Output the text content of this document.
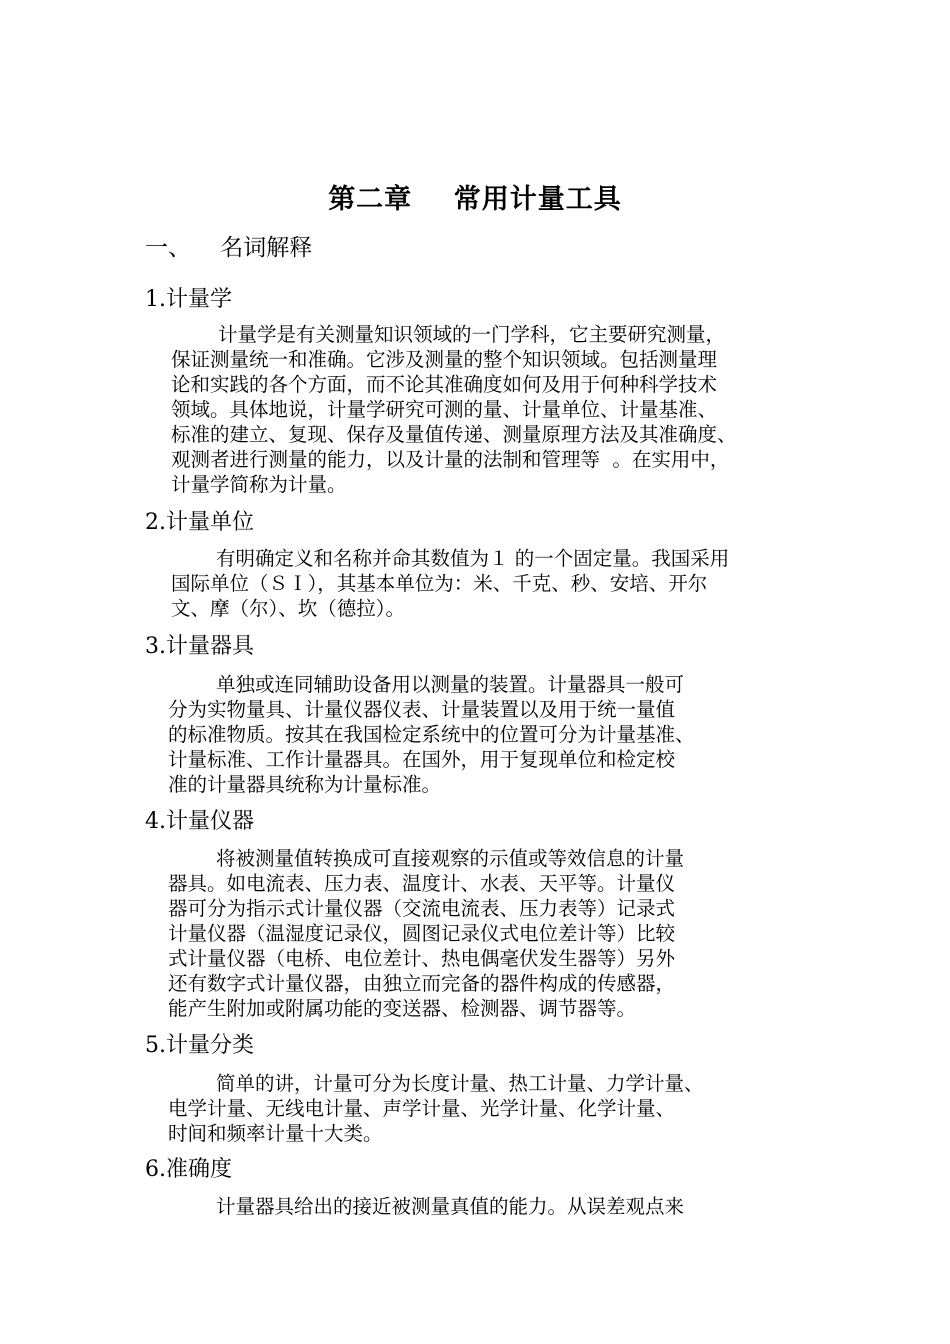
第二章    常用计量工具
一、    名词解释
1.计量学
计量学是有关测量知识领域的一门学科，它主要研究测量，
保证测量统一和准确。它涉及测量的整个知识领域。包括测量理
论和实践的各个方面，而不论其准确度如何及用于何种科学技术
领域。具体地说，计量学研究可测的量、计量单位、计量基准、
标准的建立、复现、保存及量值传递、测量原理方法及其准确度、
观测者进行测量的能力，以及计量的法制和管理等  。在实用中，
计量学简称为计量。
2.计量单位
有明确定义和名称并命其数值为１ 的一个固定量。我国采用
国际单位（ＳＩ），其基本单位为：米、千克、秒、安培、开尔
文、摩（尔）、坎（德拉）。
3.计量器具
单独或连同辅助设备用以测量的装置。计量器具一般可
分为实物量具、计量仪器仪表、计量装置以及用于统一量值
的标准物质。按其在我国检定系统中的位置可分为计量基准、
计量标准、工作计量器具。在国外，用于复现单位和检定校
准的计量器具统称为计量标准。
4.计量仪器
将被测量值转换成可直接观察的示值或等效信息的计量
器具。如电流表、压力表、温度计、水表、天平等。计量仪
器可分为指示式计量仪器（交流电流表、压力表等）记录式
计量仪器（温湿度记录仪，圆图记录仪式电位差计等）比较
式计量仪器（电桥、电位差计、热电偶毫伏发生器等）另外
还有数字式计量仪器，由独立而完备的器件构成的传感器，
能产生附加或附属功能的变送器、检测器、调节器等。
5.计量分类
简单的讲，计量可分为长度计量、热工计量、力学计量、
电学计量、无线电计量、声学计量、光学计量、化学计量、
时间和频率计量十大类。
6.准确度
计量器具给出的接近被测量真值的能力。从误差观点来
